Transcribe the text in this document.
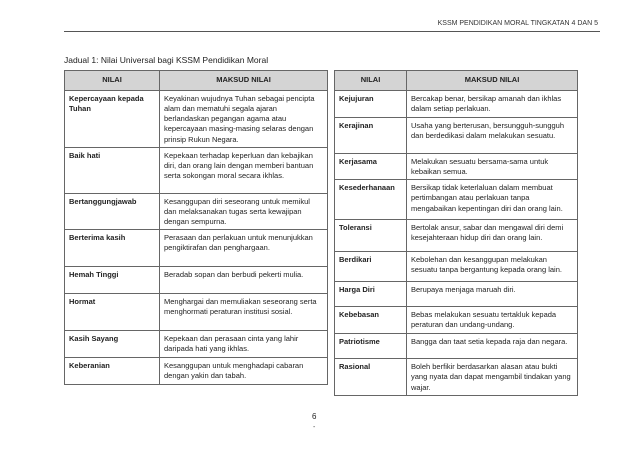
KSSM PENDIDIKAN MORAL TINGKATAN 4 DAN 5
Jadual 1: Nilai Universal bagi KSSM Pendidikan Moral
NILAI	MAKSUD NILAI
Kepercayaan kepada Tuhan	Keyakinan wujudnya Tuhan sebagai pencipta alam dan mematuhi segala ajaran berlandaskan pegangan agama atau kepercayaan masing-masing selaras dengan prinsip Rukun Negara.
Baik hati	Kepekaan terhadap keperluan dan kebajikan diri, dan orang lain dengan memberi bantuan serta sokongan moral secara ikhlas.
Bertanggungjawab	Kesanggupan diri seseorang untuk memikul dan melaksanakan tugas serta kewajipan dengan sempurna.
Berterima kasih	Perasaan dan perlakuan untuk menunjukkan pengiktirafan dan penghargaan.
Hemah Tinggi	Beradab sopan dan berbudi pekerti mulia.
Hormat	Menghargai dan memuliakan seseorang serta menghormati peraturan institusi sosial.
Kasih Sayang	Kepekaan dan perasaan cinta yang lahir daripada hati yang ikhlas.
Keberanian	Kesanggupan untuk menghadapi cabaran dengan yakin dan tabah.
NILAI	MAKSUD NILAI
Kejujuran	Bercakap benar, bersikap amanah dan ikhlas dalam setiap perlakuan.
Kerajinan	Usaha yang berterusan, bersungguh-sungguh dan berdedikasi dalam melakukan sesuatu.
Kerjasama	Melakukan sesuatu bersama-sama untuk kebaikan semua.
Kesederhanaan	Bersikap tidak keterlaluan dalam membuat pertimbangan atau perlakuan tanpa mengabaikan kepentingan diri dan orang lain.
Toleransi	Bertolak ansur, sabar dan mengawal diri demi kesejahteraan hidup diri dan orang lain.
Berdikari	Kebolehan dan kesanggupan melakukan sesuatu tanpa bergantung kepada orang lain.
Harga Diri	Berupaya menjaga maruah diri.
Kebebasan	Bebas melakukan sesuatu tertakluk kepada peraturan dan undang-undang.
Patriotisme	Bangga dan taat setia kepada raja dan negara.
Rasional	Boleh berfikir berdasarkan alasan atau bukti yang nyata dan dapat mengambil tindakan yang wajar.
6
-
